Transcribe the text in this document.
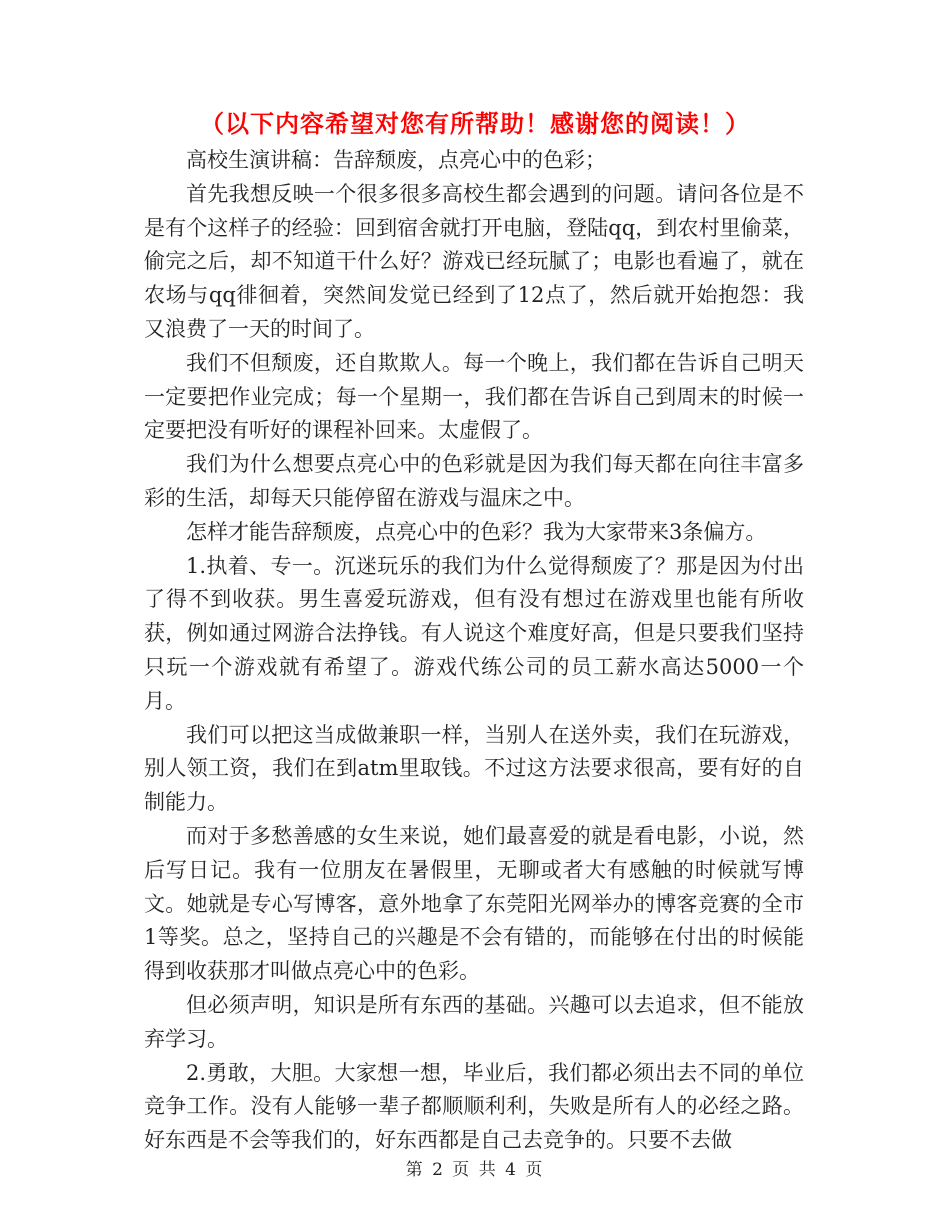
（以下内容希望对您有所帮助！感谢您的阅读！）

高校生演讲稿：告辞颓废，点亮心中的色彩；

首先我想反映一个很多很多高校生都会遇到的问题。请问各位是不是有个这样子的经验：回到宿舍就打开电脑，登陆qq，到农村里偷菜，偷完之后，却不知道干什么好？游戏已经玩腻了；电影也看遍了，就在农场与qq徘徊着，突然间发觉已经到了12点了，然后就开始抱怨：我又浪费了一天的时间了。

我们不但颓废，还自欺欺人。每一个晚上，我们都在告诉自己明天一定要把作业完成；每一个星期一，我们都在告诉自己到周末的时候一定要把没有听好的课程补回来。太虚假了。

我们为什么想要点亮心中的色彩就是因为我们每天都在向往丰富多彩的生活，却每天只能停留在游戏与温床之中。

怎样才能告辞颓废，点亮心中的色彩？我为大家带来3条偏方。

1.执着、专一。沉迷玩乐的我们为什么觉得颓废了？那是因为付出了得不到收获。男生喜爱玩游戏，但有没有想过在游戏里也能有所收获，例如通过网游合法挣钱。有人说这个难度好高，但是只要我们坚持只玩一个游戏就有希望了。游戏代练公司的员工薪水高达5000一个月。

我们可以把这当成做兼职一样，当别人在送外卖，我们在玩游戏，别人领工资，我们在到atm里取钱。不过这方法要求很高，要有好的自制能力。

而对于多愁善感的女生来说，她们最喜爱的就是看电影，小说，然后写日记。我有一位朋友在暑假里，无聊或者大有感触的时候就写博文。她就是专心写博客，意外地拿了东莞阳光网举办的博客竞赛的全市1等奖。总之，坚持自己的兴趣是不会有错的，而能够在付出的时候能得到收获那才叫做点亮心中的色彩。

但必须声明，知识是所有东西的基础。兴趣可以去追求，但不能放弃学习。

2.勇敢，大胆。大家想一想，毕业后，我们都必须出去不同的单位竞争工作。没有人能够一辈子都顺顺利利，失败是所有人的必经之路。好东西是不会等我们的，好东西都是自己去竞争的。只要不去做

第 2 页 共 4 页
